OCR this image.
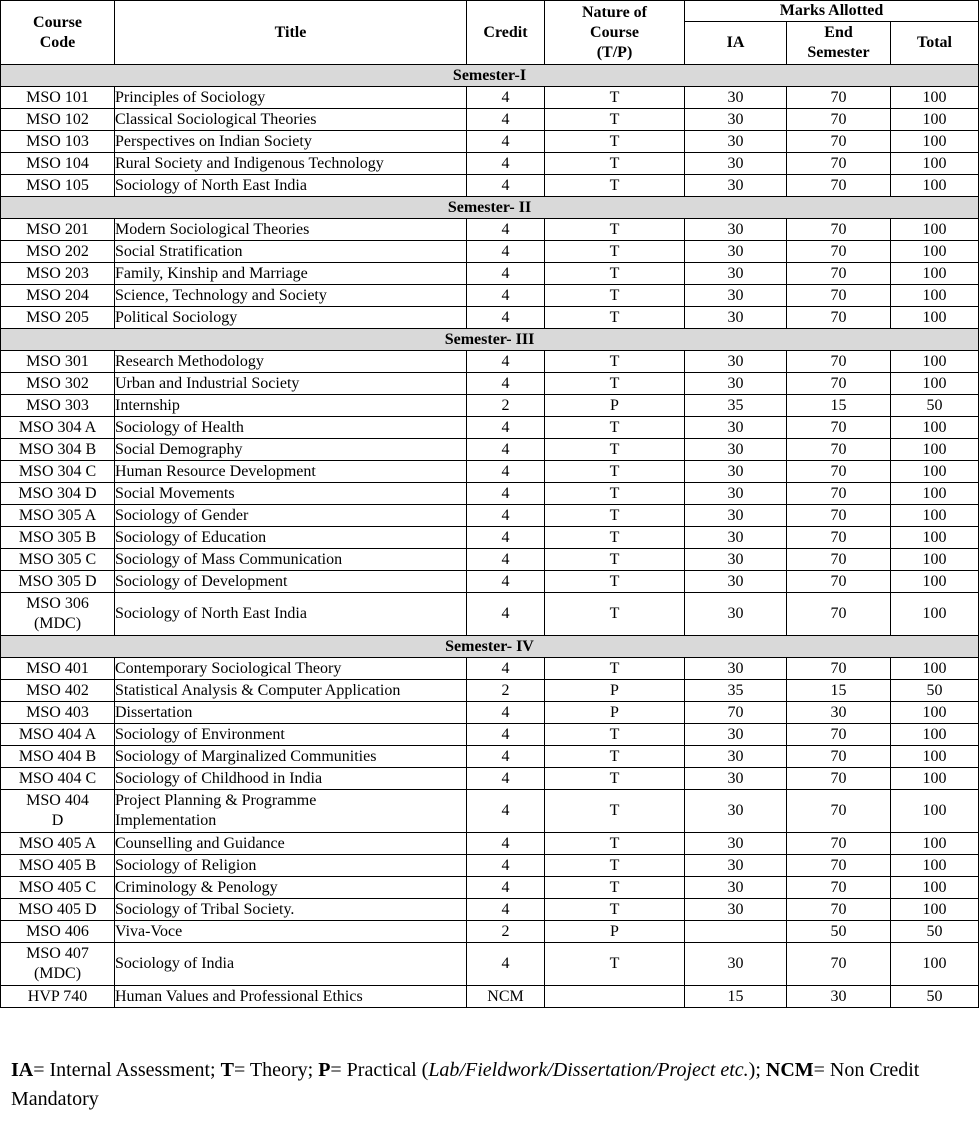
Course Code	Title	Credit	Nature of Course (T/P)	Marks Allotted		
				IA	End Semester	Total
Semester-I						
MSO 101	Principles of Sociology	4	T	30	70	100
MSO 102	Classical Sociological Theories	4	T	30	70	100
MSO 103	Perspectives on Indian Society	4	T	30	70	100
MSO 104	Rural Society and Indigenous Technology	4	T	30	70	100
MSO 105	Sociology of North East India	4	T	30	70	100
Semester- II						
MSO 201	Modern Sociological Theories	4	T	30	70	100
MSO 202	Social Stratification	4	T	30	70	100
MSO 203	Family, Kinship and Marriage	4	T	30	70	100
MSO 204	Science, Technology and Society	4	T	30	70	100
MSO 205	Political Sociology	4	T	30	70	100
Semester- III						
MSO 301	Research Methodology	4	T	30	70	100
MSO 302	Urban and Industrial Society	4	T	30	70	100
MSO 303	Internship	2	P	35	15	50
MSO 304 A	Sociology of Health	4	T	30	70	100
MSO 304 B	Social Demography	4	T	30	70	100
MSO 304 C	Human Resource Development	4	T	30	70	100
MSO 304 D	Social Movements	4	T	30	70	100
MSO 305 A	Sociology of Gender	4	T	30	70	100
MSO 305 B	Sociology of Education	4	T	30	70	100
MSO 305 C	Sociology of Mass Communication	4	T	30	70	100
MSO 305 D	Sociology of Development	4	T	30	70	100
MSO 306 (MDC)	Sociology of North East India	4	T	30	70	100
Semester- IV						
MSO 401	Contemporary Sociological Theory	4	T	30	70	100
MSO 402	Statistical Analysis & Computer Application	2	P	35	15	50
MSO 403	Dissertation	4	P	70	30	100
MSO 404 A	Sociology of Environment	4	T	30	70	100
MSO 404 B	Sociology of Marginalized Communities	4	T	30	70	100
MSO 404 C	Sociology of Childhood in India	4	T	30	70	100
MSO 404 D	Project Planning & Programme Implementation	4	T	30	70	100
MSO 405 A	Counselling and Guidance	4	T	30	70	100
MSO 405 B	Sociology of Religion	4	T	30	70	100
MSO 405 C	Criminology & Penology	4	T	30	70	100
MSO 405 D	Sociology of Tribal Society.	4	T	30	70	100
MSO 406	Viva-Voce	2	P		50	50
MSO 407 (MDC)	Sociology of India	4	T	30	70	100
HVP 740	Human Values and Professional Ethics	NCM		15	30	50
IA= Internal Assessment; T= Theory; P= Practical (Lab/Fieldwork/Dissertation/Project etc.); NCM= Non Credit Mandatory
